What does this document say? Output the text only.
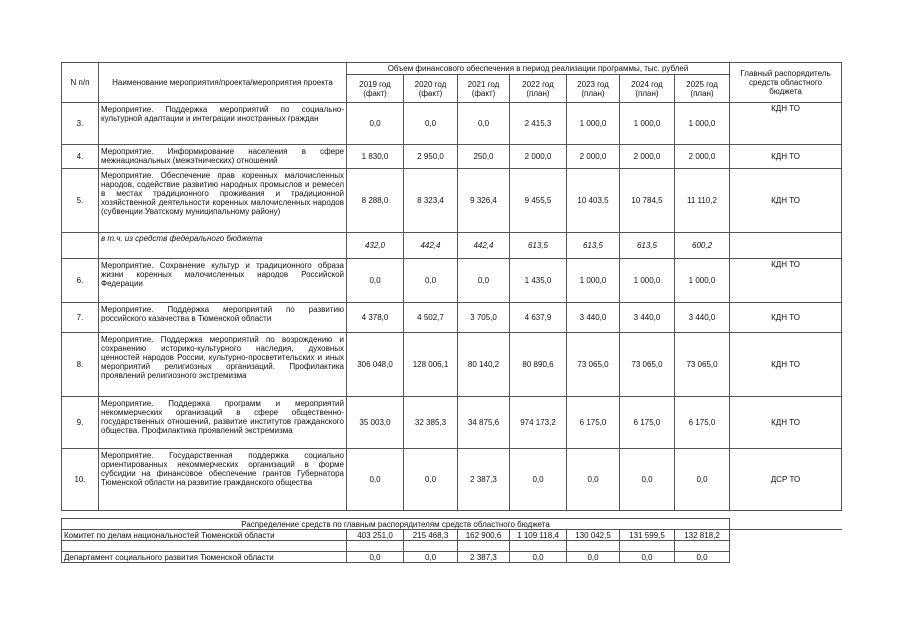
N п/п	Наименование мероприятия/проекта/мероприятия проекта	Объем финансового обеспечения в период реализации программы, тыс. рублей							Главный распорядитель средств областного бюджета
		2019 год (факт)	2020 год (факт)	2021 год (факт)	2022 год (план)	2023 год (план)	2024 год (план)	2025 год (план)	
3.	Мероприятие. Поддержка мероприятий по социально-культурной адаптации и интеграции иностранных граждан	0,0	0,0	0,0	2 415,3	1 000,0	1 000,0	1 000,0	КДН ТО
4.	Мероприятие. Информирование населения в сфере межнациональных (межэтнических) отношений	1 830,0	2 950,0	250,0	2 000,0	2 000,0	2 000,0	2 000,0	КДН ТО
5.	Мероприятие. Обеспечение прав коренных малочисленных народов, содействие развитию народных промыслов и ремесел в местах традиционного проживания и традиционной хозяйственной деятельности коренных малочисленных народов (субвенции Уватскому муниципальному району)	8 288,0	8 323,4	9 326,4	9 455,5	10 403,5	10 784,5	11 110,2	КДН ТО
	в т.ч. из средств федерального бюджета	432,0	442,4	442,4	613,5	613,5	613,5	600,2	
6.	Мероприятие. Сохранение культур и традиционного образа жизни коренных малочисленных народов Российской Федерации	0,0	0,0	0,0	1 435,0	1 000,0	1 000,0	1 000,0	КДН ТО
7.	Мероприятие. Поддержка мероприятий по развитию российского казачества в Тюменской области	4 378,0	4 502,7	3 705,0	4 637,9	3 440,0	3 440,0	3 440,0	КДН ТО
8.	Мероприятие. Поддержка мероприятий по возрождению и сохранению историко-культурного наследия, духовных ценностей народов России, культурно-просветительских и иных мероприятий религиозных организаций. Профилактика проявлений религиозного экстремизма	306 048,0	128 006,1	80 140,2	80 890,6	73 065,0	73 065,0	73 065,0	КДН ТО
9.	Мероприятие. Поддержка программ и мероприятий некоммерческих организаций в сфере общественно-государственных отношений, развитие институтов гражданского общества. Профилактика проявлений экстремизма	35 003,0	32 385,3	34 875,6	974 173,2	6 175,0	6 175,0	6 175,0	КДН ТО
10.	Мероприятие. Государственная поддержка социально ориентированных некоммерческих организаций в форме субсидии на финансовое обеспечение грантов Губернатора Тюменской области на развитие гражданского общества	0,0	0,0	2 387,3	0,0	0,0	0,0	0,0	ДСР ТО
Распределение средств по главным распорядителям средств областного бюджета								
Комитет по делам национальностей Тюменской области	403 251,0	215 468,3	162 900,6	1 109 118,4	130 042,5	131 599,5	132 818,2	

Департамент социального развития Тюменской области	0,0	0,0	2 387,3	0,0	0,0	0,0	0,0	
